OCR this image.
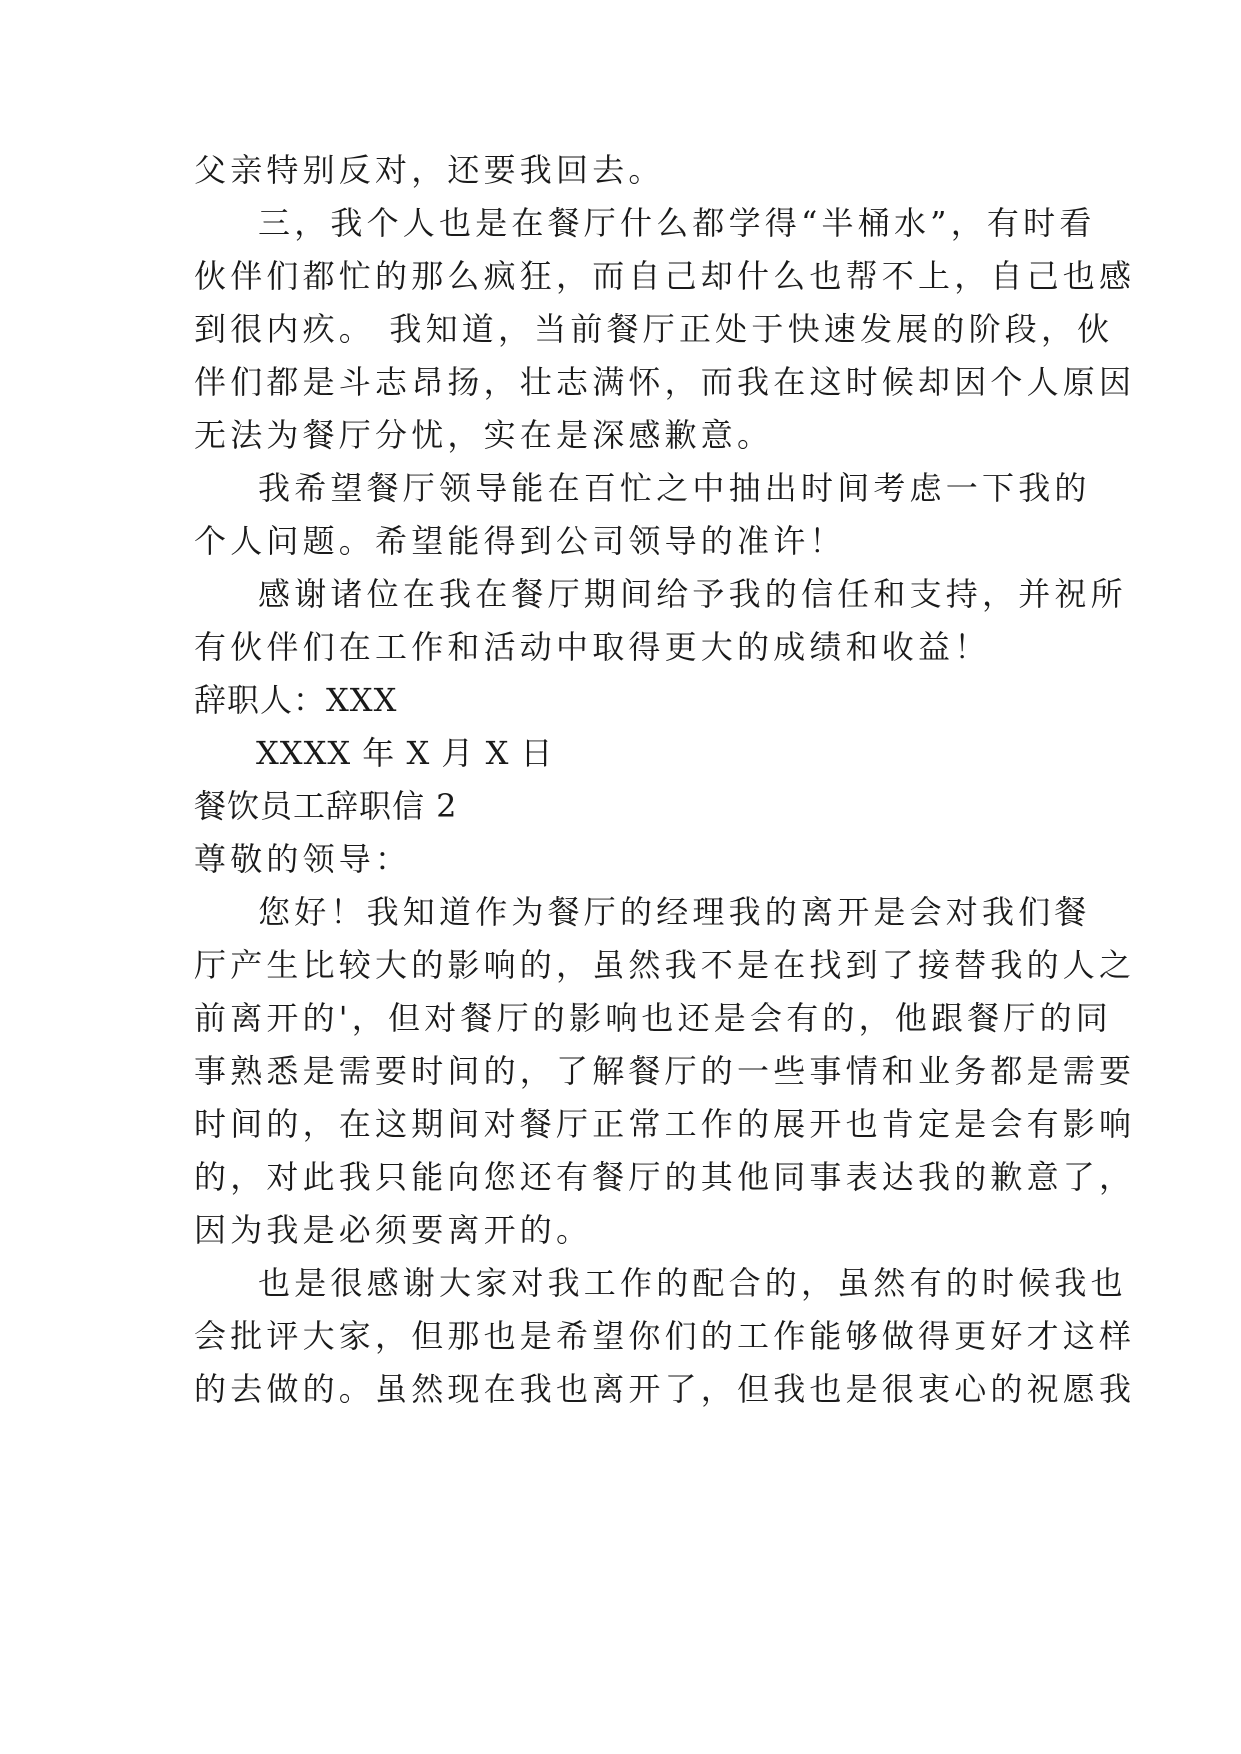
父亲特别反对，还要我回去。
三，我个人也是在餐厅什么都学得“半桶水”，有时看
伙伴们都忙的那么疯狂，而自己却什么也帮不上，自己也感
到很内疚。 我知道，当前餐厅正处于快速发展的阶段，伙
伴们都是斗志昂扬，壮志满怀，而我在这时候却因个人原因
无法为餐厅分忧，实在是深感歉意。
我希望餐厅领导能在百忙之中抽出时间考虑一下我的
个人问题。希望能得到公司领导的准许！
感谢诸位在我在餐厅期间给予我的信任和支持，并祝所
有伙伴们在工作和活动中取得更大的成绩和收益！
辞职人：XXX
XXXX 年 X 月 X 日
餐饮员工辞职信 2
尊敬的领导：
您好！我知道作为餐厅的经理我的离开是会对我们餐
厅产生比较大的影响的，虽然我不是在找到了接替我的人之
前离开的'，但对餐厅的影响也还是会有的，他跟餐厅的同
事熟悉是需要时间的，了解餐厅的一些事情和业务都是需要
时间的，在这期间对餐厅正常工作的展开也肯定是会有影响
的，对此我只能向您还有餐厅的其他同事表达我的歉意了，
因为我是必须要离开的。
也是很感谢大家对我工作的配合的，虽然有的时候我也
会批评大家，但那也是希望你们的工作能够做得更好才这样
的去做的。虽然现在我也离开了，但我也是很衷心的祝愿我
